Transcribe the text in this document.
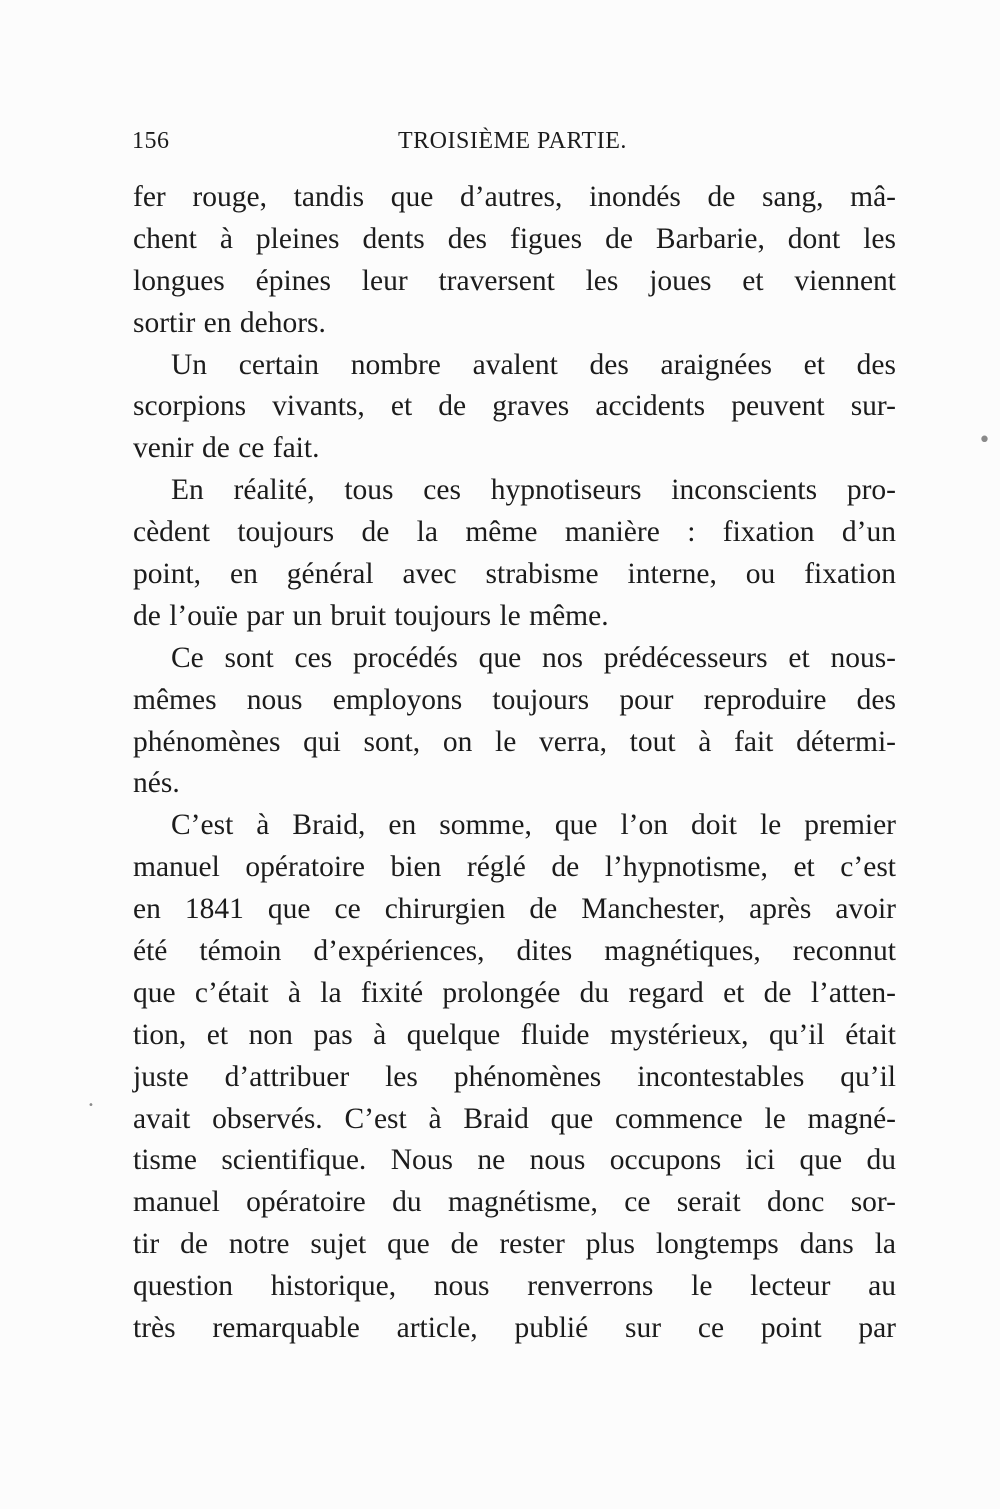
156	TROISIÈME PARTIE.
fer rouge, tandis que d’autres, inondés de sang, mâ-
chent à pleines dents des figues de Barbarie, dont les
longues épines leur traversent les joues et viennent
sortir en dehors.
Un certain nombre avalent des araignées et des
scorpions vivants, et de graves accidents peuvent sur-
venir de ce fait.
En réalité, tous ces hypnotiseurs inconscients pro-
cèdent toujours de la même manière : fixation d’un
point, en général avec strabisme interne, ou fixation
de l’ouïe par un bruit toujours le même.
Ce sont ces procédés que nos prédécesseurs et nous-
mêmes nous employons toujours pour reproduire des
phénomènes qui sont, on le verra, tout à fait détermi-
nés.
C’est à Braid, en somme, que l’on doit le premier
manuel opératoire bien réglé de l’hypnotisme, et c’est
en 1841 que ce chirurgien de Manchester, après avoir
été témoin d’expériences, dites magnétiques, reconnut
que c’était à la fixité prolongée du regard et de l’atten-
tion, et non pas à quelque fluide mystérieux, qu’il était
juste d’attribuer les phénomènes incontestables qu’il
avait observés. C’est à Braid que commence le magné-
tisme scientifique. Nous ne nous occupons ici que du
manuel opératoire du magnétisme, ce serait donc sor-
tir de notre sujet que de rester plus longtemps dans la
question historique, nous renverrons le lecteur au
très remarquable article, publié sur ce point par
•
•
